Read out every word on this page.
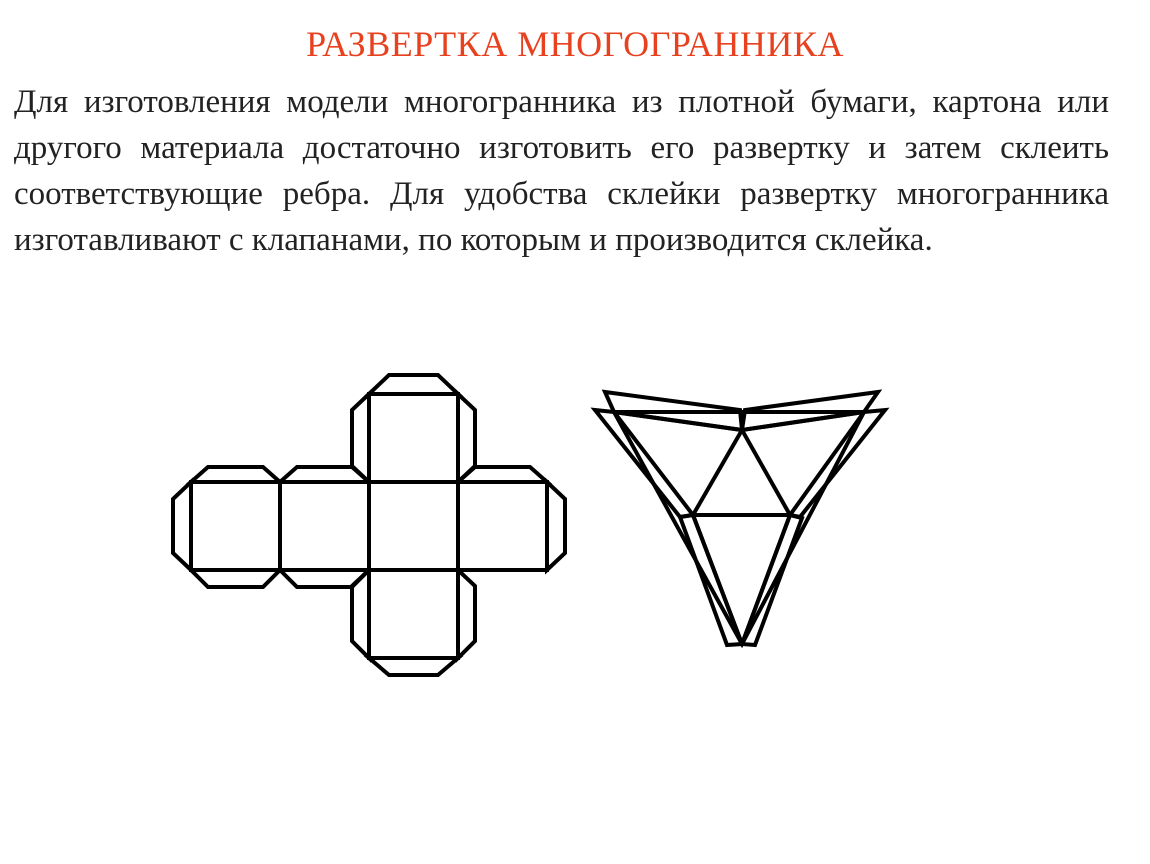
РАЗВЕРТКА МНОГОГРАННИКА

Для изготовления модели многогранника из плотной бумаги, картона или другого материала достаточно изготовить его развертку и затем склеить соответствующие ребра. Для удобства склейки развертку многогранника изготавливают с клапанами, по которым и производится склейка.
